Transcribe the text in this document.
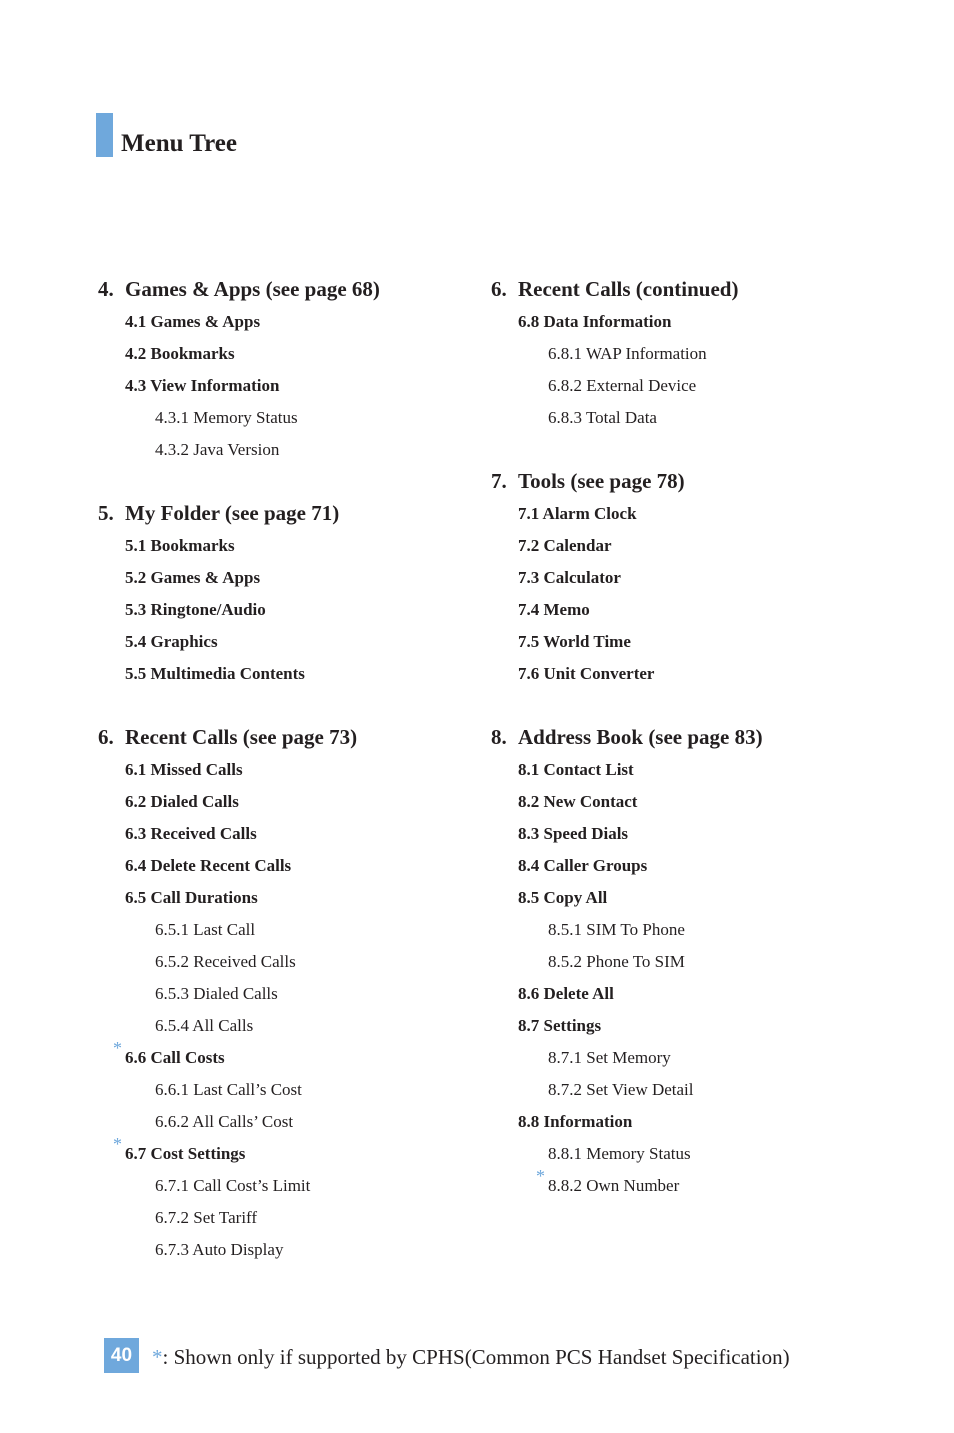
Menu Tree
4. Games & Apps (see page 68)
4.1 Games & Apps
4.2 Bookmarks
4.3 View Information
4.3.1 Memory Status
4.3.2 Java Version
5. My Folder (see page 71)
5.1 Bookmarks
5.2 Games & Apps
5.3 Ringtone/Audio
5.4 Graphics
5.5 Multimedia Contents
6. Recent Calls (see page 73)
6.1 Missed Calls
6.2 Dialed Calls
6.3 Received Calls
6.4 Delete Recent Calls
6.5 Call Durations
6.5.1 Last Call
6.5.2 Received Calls
6.5.3 Dialed Calls
6.5.4 All Calls
6.6 Call Costs
*
6.6.1 Last Call’s Cost
6.6.2 All Calls’ Cost
6.7 Cost Settings
*
6.7.1 Call Cost’s Limit
6.7.2 Set Tariff
6.7.3 Auto Display
6. Recent Calls (continued)
6.8 Data Information
6.8.1 WAP Information
6.8.2 External Device
6.8.3 Total Data
7. Tools (see page 78)
7.1 Alarm Clock
7.2 Calendar
7.3 Calculator
7.4 Memo
7.5 World Time
7.6 Unit Converter
8. Address Book (see page 83)
8.1 Contact List
8.2 New Contact
8.3 Speed Dials
8.4 Caller Groups
8.5 Copy All
8.5.1 SIM To Phone
8.5.2 Phone To SIM
8.6 Delete All
8.7 Settings
8.7.1 Set Memory
8.7.2 Set View Detail
8.8 Information
8.8.1 Memory Status
8.8.2 Own Number
*
40 *: Shown only if supported by CPHS(Common PCS Handset Specification)
